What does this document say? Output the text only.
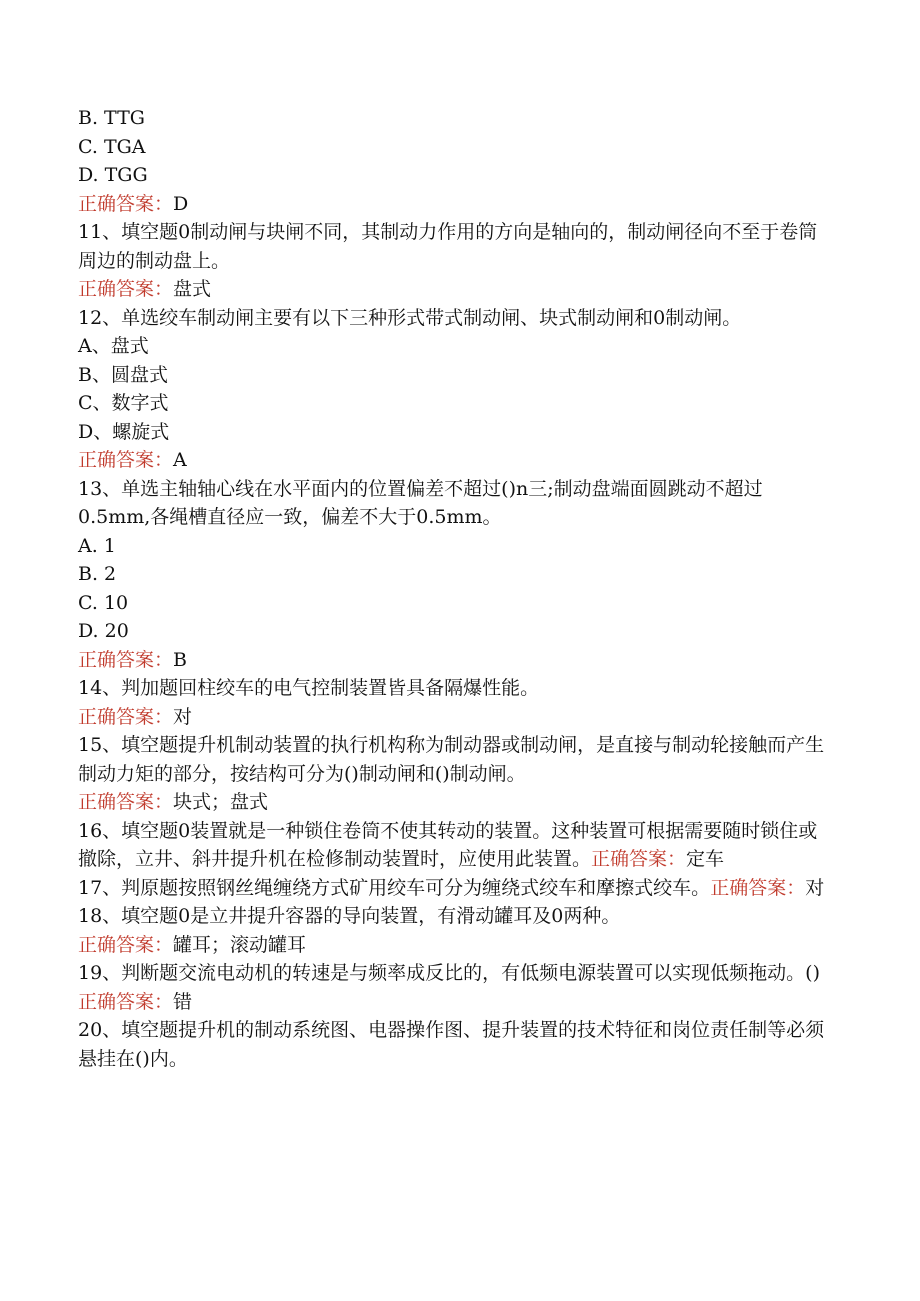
B. TTG

C. TGA

D. TGG

正确答案：D

11、填空题0制动闸与块闸不同，其制动力作用的方向是轴向的，制动闸径向不至于卷筒周边的制动盘上。

正确答案：盘式

12、单选绞车制动闸主要有以下三种形式带式制动闸、块式制动闸和0制动闸。

A、盘式

B、圆盘式

C、数字式

D、螺旋式

正确答案：A

13、单选主轴轴心线在水平面内的位置偏差不超过()n三;制动盘端面圆跳动不超过0.5mm,各绳槽直径应一致，偏差不大于0.5mm。

A. 1

B. 2

C. 10

D. 20

正确答案：B

14、判加题回柱绞车的电气控制装置皆具备隔爆性能。

正确答案：对

15、填空题提升机制动装置的执行机构称为制动器或制动闸，是直接与制动轮接触而产生制动力矩的部分，按结构可分为()制动闸和()制动闸。

正确答案：块式；盘式

16、填空题0装置就是一种锁住卷筒不使其转动的装置。这种装置可根据需要随时锁住或撤除，立井、斜井提升机在检修制动装置时，应使用此装置。正确答案：定车

17、判原题按照钢丝绳缠绕方式矿用绞车可分为缠绕式绞车和摩擦式绞车。正确答案：对

18、填空题0是立井提升容器的导向装置，有滑动罐耳及0两种。

正确答案：罐耳；滚动罐耳

19、判断题交流电动机的转速是与频率成反比的，有低频电源装置可以实现低频拖动。()

正确答案：错

20、填空题提升机的制动系统图、电器操作图、提升装置的技术特征和岗位责任制等必须悬挂在()内。
